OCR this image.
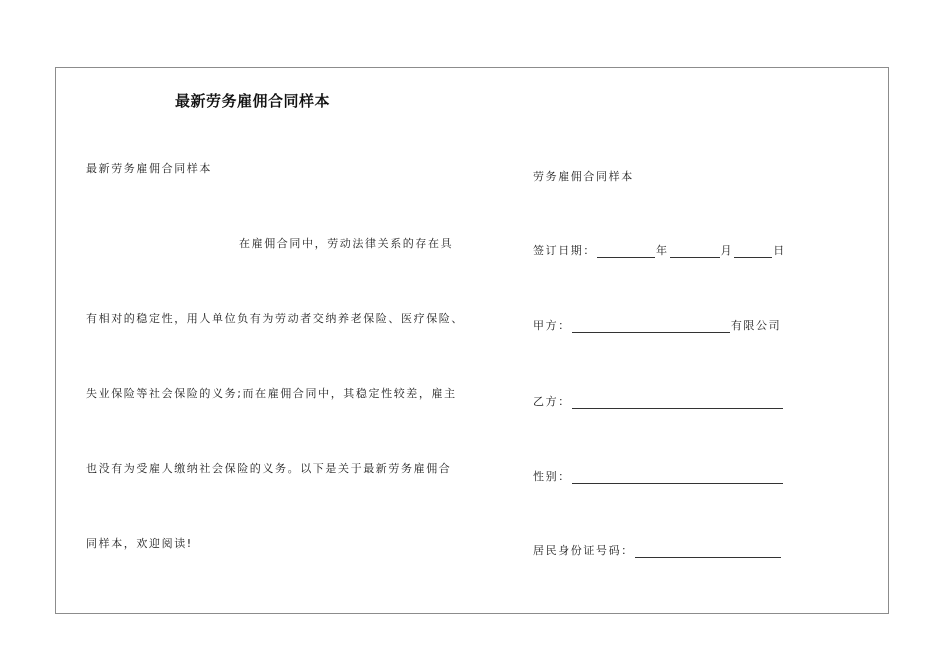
最新劳务雇佣合同样本
最新劳务雇佣合同样本
在雇佣合同中，劳动法律关系的存在具
有相对的稳定性，用人单位负有为劳动者交纳养老保险、医疗保险、
失业保险等社会保险的义务;而在雇佣合同中，其稳定性较差，雇主
也没有为受雇人缴纳社会保险的义务。以下是关于最新劳务雇佣合
同样本，欢迎阅读!
劳务雇佣合同样本
签订日期：	年	月	日
甲方：	有限公司
乙方：
性别：
居民身份证号码：
